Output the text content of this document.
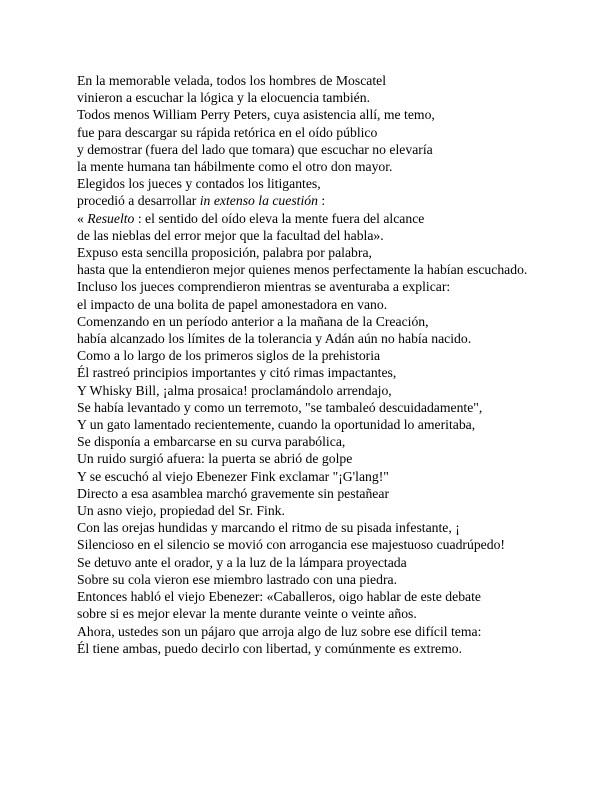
En la memorable velada, todos los hombres de Moscatel
vinieron a escuchar la lógica y la elocuencia también.
Todos menos William Perry Peters, cuya asistencia allí, me temo,
fue para descargar su rápida retórica en el oído público
y demostrar (fuera del lado que tomara) que escuchar no elevaría
la mente humana tan hábilmente como el otro don mayor.
Elegidos los jueces y contados los litigantes,
procedió a desarrollar in extenso la cuestión :
« Resuelto : el sentido del oído eleva la mente fuera del alcance
de las nieblas del error mejor que la facultad del habla».
Expuso esta sencilla proposición, palabra por palabra,
hasta que la entendieron mejor quienes menos perfectamente la habían escuchado.
Incluso los jueces comprendieron mientras se aventuraba a explicar:
el impacto de una bolita de papel amonestadora en vano.
Comenzando en un período anterior a la mañana de la Creación,
había alcanzado los límites de la tolerancia y Adán aún no había nacido.
Como a lo largo de los primeros siglos de la prehistoria
Él rastreó principios importantes y citó rimas impactantes,
Y Whisky Bill, ¡alma prosaica! proclamándolo arrendajo,
Se había levantado y como un terremoto, "se tambaleó descuidadamente",
Y un gato lamentado recientemente, cuando la oportunidad lo ameritaba,
Se disponía a embarcarse en su curva parabólica,
Un ruido surgió afuera: la puerta se abrió de golpe
Y se escuchó al viejo Ebenezer Fink exclamar "¡G'lang!"
Directo a esa asamblea marchó gravemente sin pestañear
Un asno viejo, propiedad del Sr. Fink.
Con las orejas hundidas y marcando el ritmo de su pisada infestante, ¡
Silencioso en el silencio se movió con arrogancia ese majestuoso cuadrúpedo!
Se detuvo ante el orador, y a la luz de la lámpara proyectada
Sobre su cola vieron ese miembro lastrado con una piedra.
Entonces habló el viejo Ebenezer: «Caballeros, oigo hablar de este debate
sobre si es mejor elevar la mente durante veinte o veinte años.
Ahora, ustedes son un pájaro que arroja algo de luz sobre ese difícil tema:
Él tiene ambas, puedo decirlo con libertad, y comúnmente es extremo.
